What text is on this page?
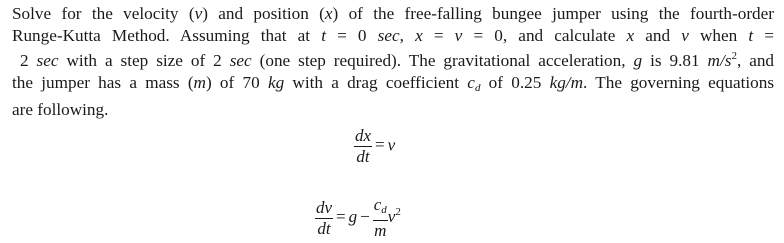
Solve for the velocity (v) and position (x) of the free-falling bungee jumper using the fourth-order
Runge-Kutta Method. Assuming that at t = 0 sec, x = v = 0, and calculate x and v when t =
2 sec with a step size of 2 sec (one step required). The gravitational acceleration, g is 9.81 $m/s^2$, and
the jumper has a mass (m) of 70 kg with a drag coefficient $c_d$ of 0.25 kg/m. The governing equations
are following.
$\frac{dx}{dt} = v$
$\frac{dv}{dt} = g - \frac{c_d}{m} v^2$
